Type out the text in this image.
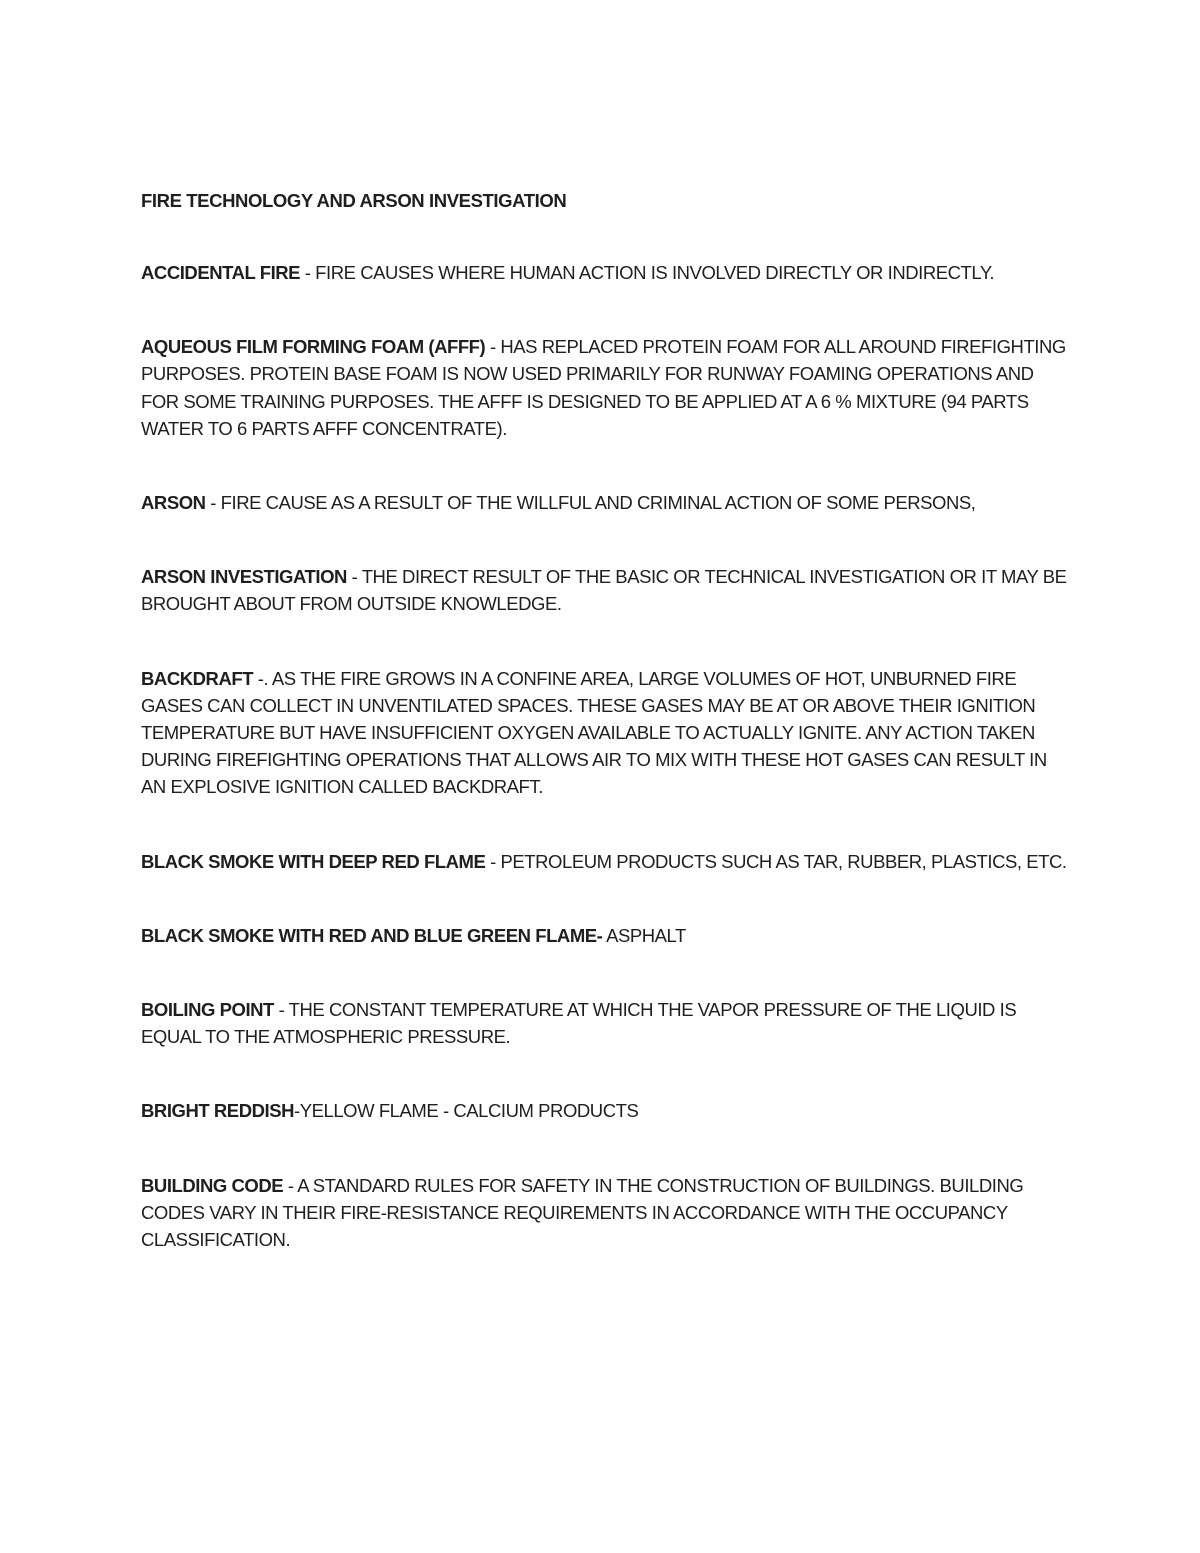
FIRE TECHNOLOGY AND ARSON INVESTIGATION
ACCIDENTAL FIRE - FIRE CAUSES WHERE HUMAN ACTION IS INVOLVED DIRECTLY OR INDIRECTLY.
AQUEOUS FILM FORMING FOAM (AFFF) - HAS REPLACED PROTEIN FOAM FOR ALL AROUND FIREFIGHTING PURPOSES. PROTEIN BASE FOAM IS NOW USED PRIMARILY FOR RUNWAY FOAMING OPERATIONS AND FOR SOME TRAINING PURPOSES. THE AFFF IS DESIGNED TO BE APPLIED AT A 6 % MIXTURE (94 PARTS WATER TO 6 PARTS AFFF CONCENTRATE).
ARSON - FIRE CAUSE AS A RESULT OF THE WILLFUL AND CRIMINAL ACTION OF SOME PERSONS,
ARSON INVESTIGATION - THE DIRECT RESULT OF THE BASIC OR TECHNICAL INVESTIGATION OR IT MAY BE BROUGHT ABOUT FROM OUTSIDE KNOWLEDGE.
BACKDRAFT -. AS THE FIRE GROWS IN A CONFINE AREA, LARGE VOLUMES OF HOT, UNBURNED FIRE GASES CAN COLLECT IN UNVENTILATED SPACES. THESE GASES MAY BE AT OR ABOVE THEIR IGNITION TEMPERATURE BUT HAVE INSUFFICIENT OXYGEN AVAILABLE TO ACTUALLY IGNITE. ANY ACTION TAKEN DURING FIREFIGHTING OPERATIONS THAT ALLOWS AIR TO MIX WITH THESE HOT GASES CAN RESULT IN AN EXPLOSIVE IGNITION CALLED BACKDRAFT.
BLACK SMOKE WITH DEEP RED FLAME - PETROLEUM PRODUCTS SUCH AS TAR, RUBBER, PLASTICS, ETC.
BLACK SMOKE WITH RED AND BLUE GREEN FLAME- ASPHALT
BOILING POINT - THE CONSTANT TEMPERATURE AT WHICH THE VAPOR PRESSURE OF THE LIQUID IS EQUAL TO THE ATMOSPHERIC PRESSURE.
BRIGHT REDDISH-YELLOW FLAME - CALCIUM PRODUCTS
BUILDING CODE - A STANDARD RULES FOR SAFETY IN THE CONSTRUCTION OF BUILDINGS. BUILDING CODES VARY IN THEIR FIRE-RESISTANCE REQUIREMENTS IN ACCORDANCE WITH THE OCCUPANCY CLASSIFICATION.
